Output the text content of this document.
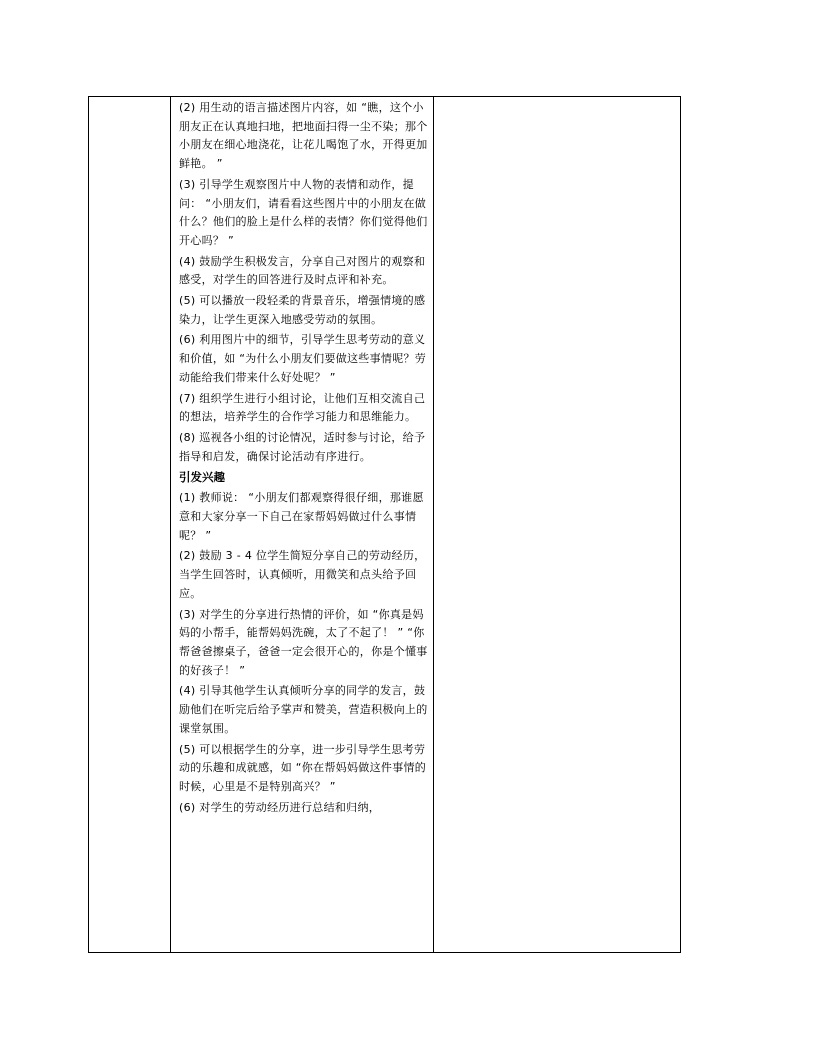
(2) 用生动的语言描述图片内容，如 “瞧，这个小朋友正在认真地扫地，把地面扫得一尘不染；那个小朋友在细心地浇花，让花儿喝饱了水，开得更加鲜艳。 ”

(3) 引导学生观察图片中人物的表情和动作，提问： “小朋友们，请看看这些图片中的小朋友在做什么？他们的脸上是什么样的表情？你们觉得他们开心吗？ ”

(4) 鼓励学生积极发言，分享自己对图片的观察和感受，对学生的回答进行及时点评和补充。

(5) 可以播放一段轻柔的背景音乐，增强情境的感染力，让学生更深入地感受劳动的氛围。

(6) 利用图片中的细节，引导学生思考劳动的意义和价值，如 “为什么小朋友们要做这些事情呢？劳动能给我们带来什么好处呢？ ”

(7) 组织学生进行小组讨论，让他们互相交流自己的想法，培养学生的合作学习能力和思维能力。

(8) 巡视各小组的讨论情况，适时参与讨论，给予指导和启发，确保讨论活动有序进行。

引发兴趣

(1) 教师说： “小朋友们都观察得很仔细，那谁愿意和大家分享一下自己在家帮妈妈做过什么事情呢？ ”

(2) 鼓励 3 - 4 位学生简短分享自己的劳动经历，当学生回答时，认真倾听，用微笑和点头给予回应。

(3) 对学生的分享进行热情的评价，如 “你真是妈妈的小帮手，能帮妈妈洗碗，太了不起了！ ” “你帮爸爸擦桌子，爸爸一定会很开心的，你是个懂事的好孩子！ ”

(4) 引导其他学生认真倾听分享的同学的发言，鼓励他们在听完后给予掌声和赞美，营造积极向上的课堂氛围。

(5) 可以根据学生的分享，进一步引导学生思考劳动的乐趣和成就感，如 “你在帮妈妈做这件事情的时候，心里是不是特别高兴？ ”

(6) 对学生的劳动经历进行总结和归纳，
